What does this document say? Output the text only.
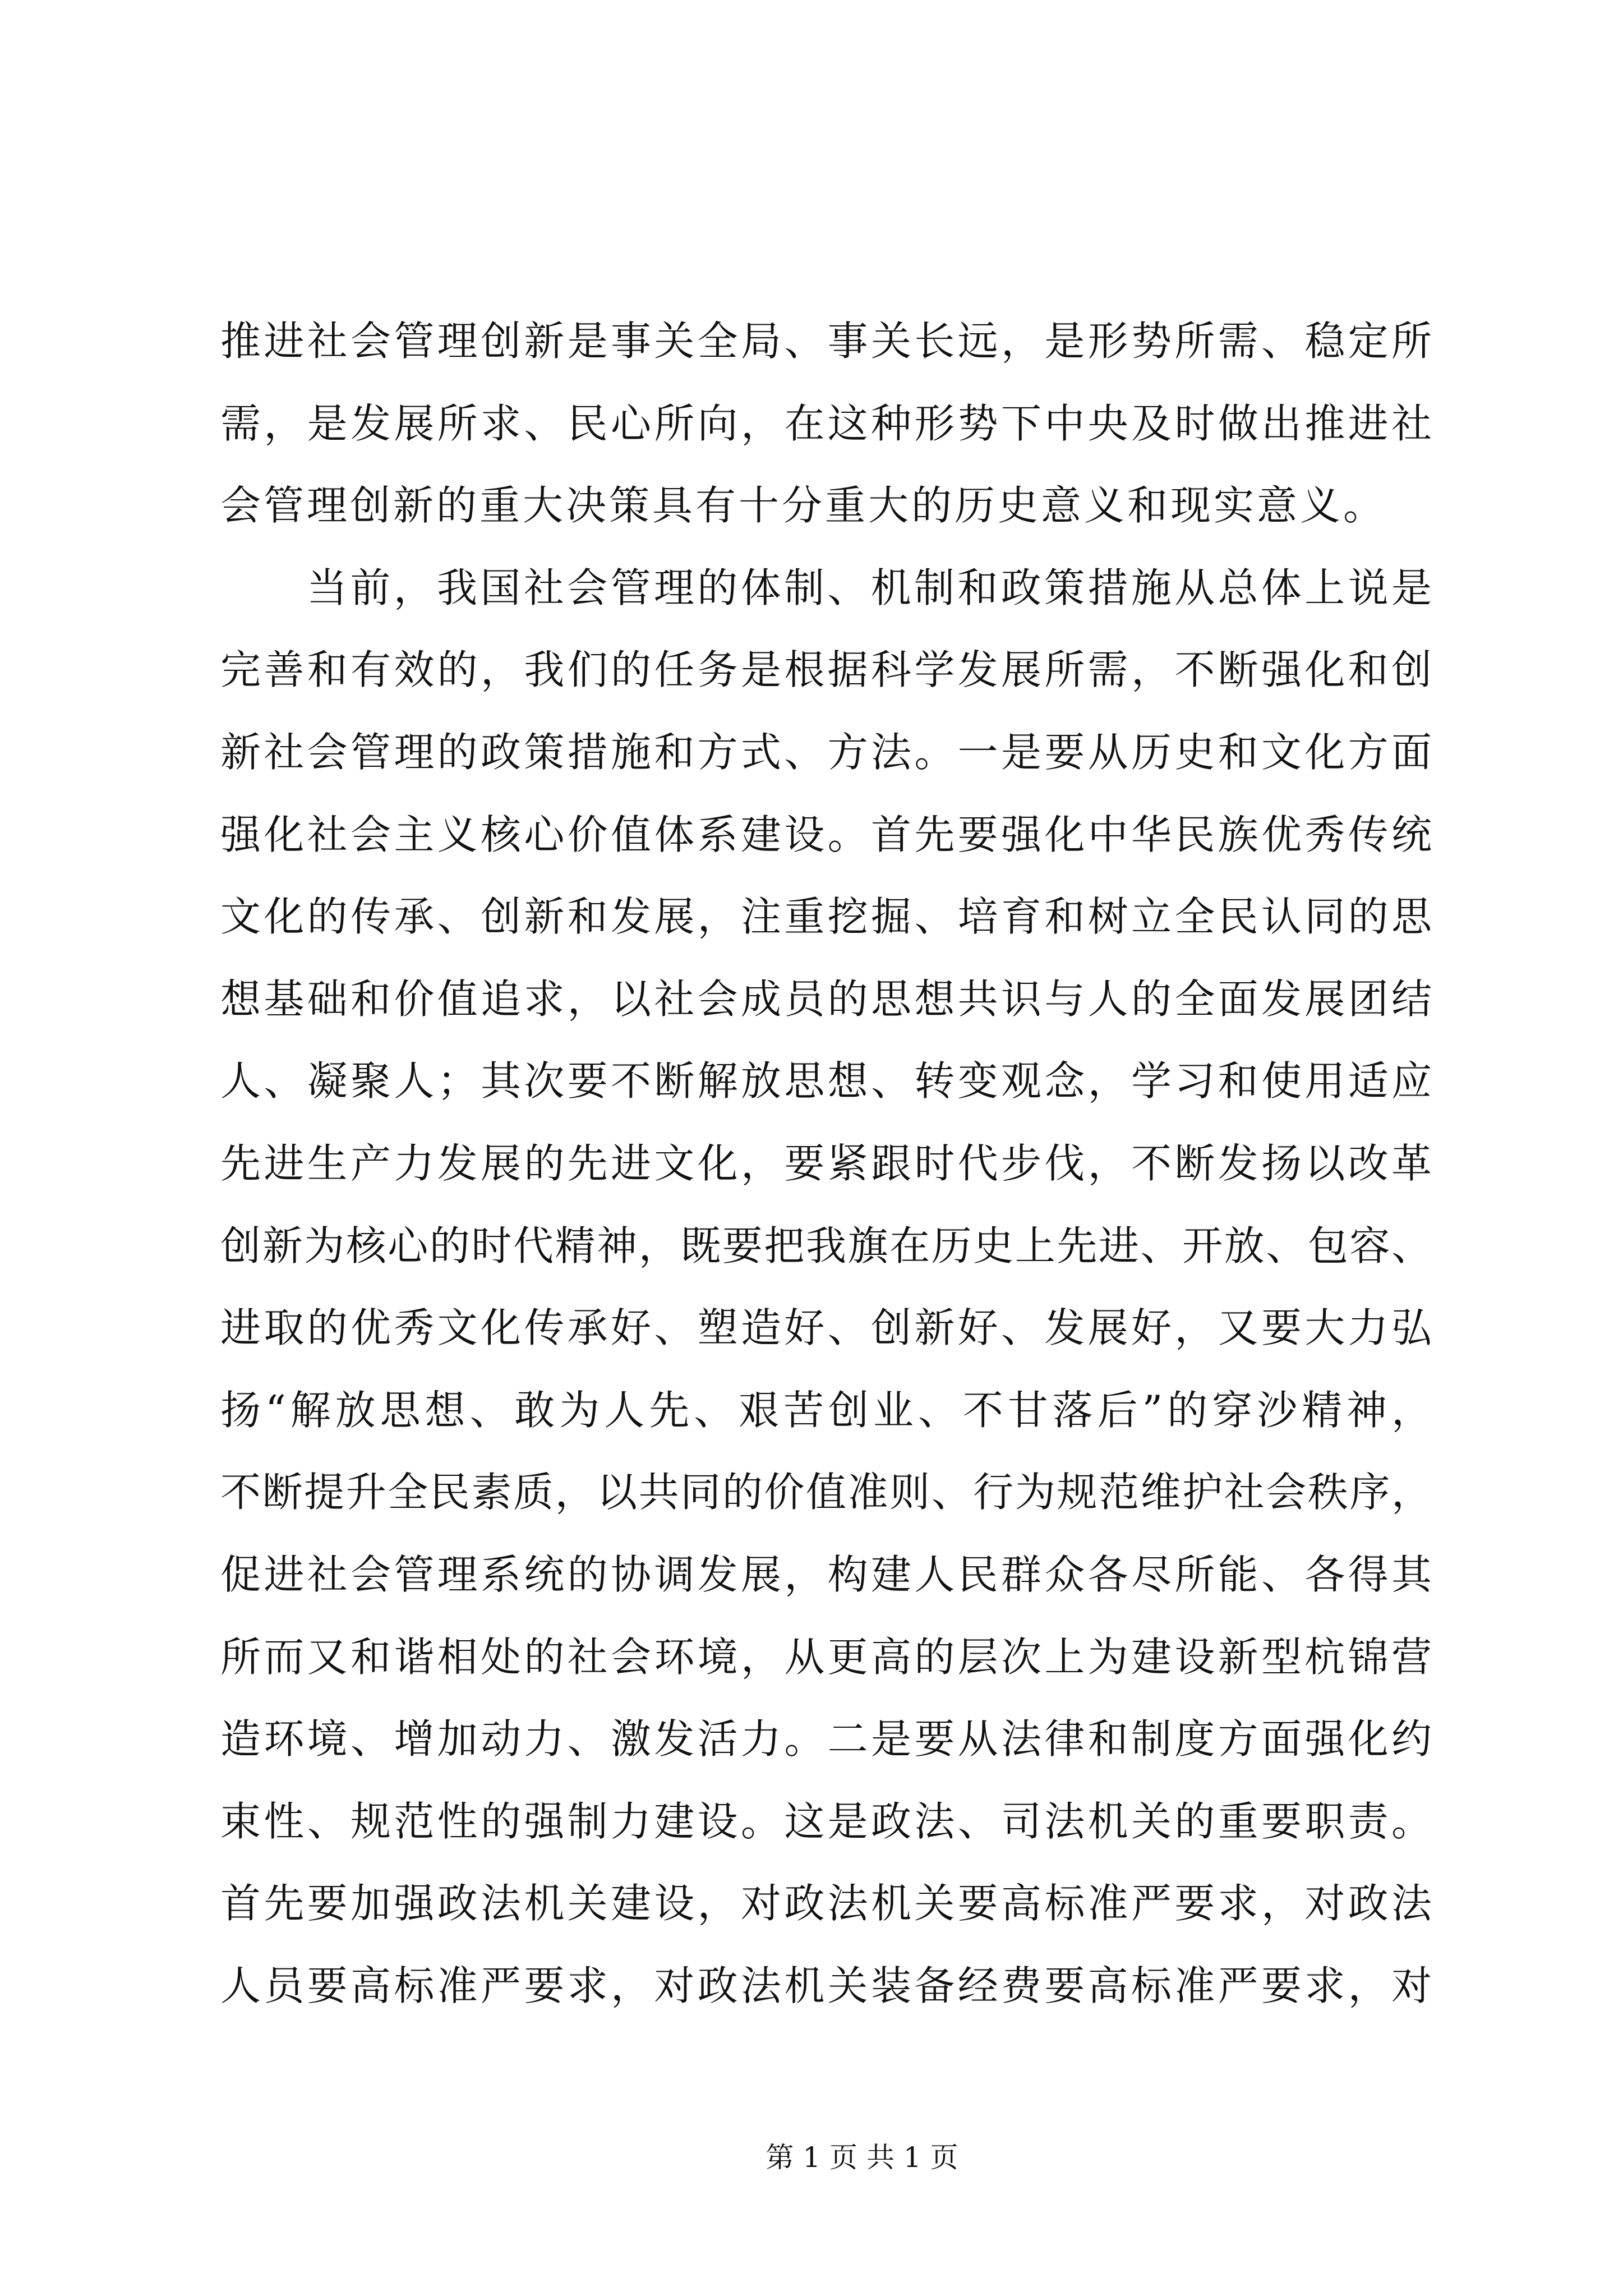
推进社会管理创新是事关全局、事关长远，是形势所需、稳定所
需，是发展所求、民心所向，在这种形势下中央及时做出推进社
会管理创新的重大决策具有十分重大的历史意义和现实意义。
当前，我国社会管理的体制、机制和政策措施从总体上说是
完善和有效的，我们的任务是根据科学发展所需，不断强化和创
新社会管理的政策措施和方式、方法。一是要从历史和文化方面
强化社会主义核心价值体系建设。首先要强化中华民族优秀传统
文化的传承、创新和发展，注重挖掘、培育和树立全民认同的思
想基础和价值追求，以社会成员的思想共识与人的全面发展团结
人、凝聚人；其次要不断解放思想、转变观念，学习和使用适应
先进生产力发展的先进文化，要紧跟时代步伐，不断发扬以改革
创新为核心的时代精神，既要把我旗在历史上先进、开放、包容、
进取的优秀文化传承好、塑造好、创新好、发展好，又要大力弘
扬“解放思想、敢为人先、艰苦创业、不甘落后”的穿沙精神，
不断提升全民素质，以共同的价值准则、行为规范维护社会秩序，
促进社会管理系统的协调发展，构建人民群众各尽所能、各得其
所而又和谐相处的社会环境，从更高的层次上为建设新型杭锦营
造环境、增加动力、激发活力。二是要从法律和制度方面强化约
束性、规范性的强制力建设。这是政法、司法机关的重要职责。
首先要加强政法机关建设，对政法机关要高标准严要求，对政法
人员要高标准严要求，对政法机关装备经费要高标准严要求，对
第 1 页 共 1 页
